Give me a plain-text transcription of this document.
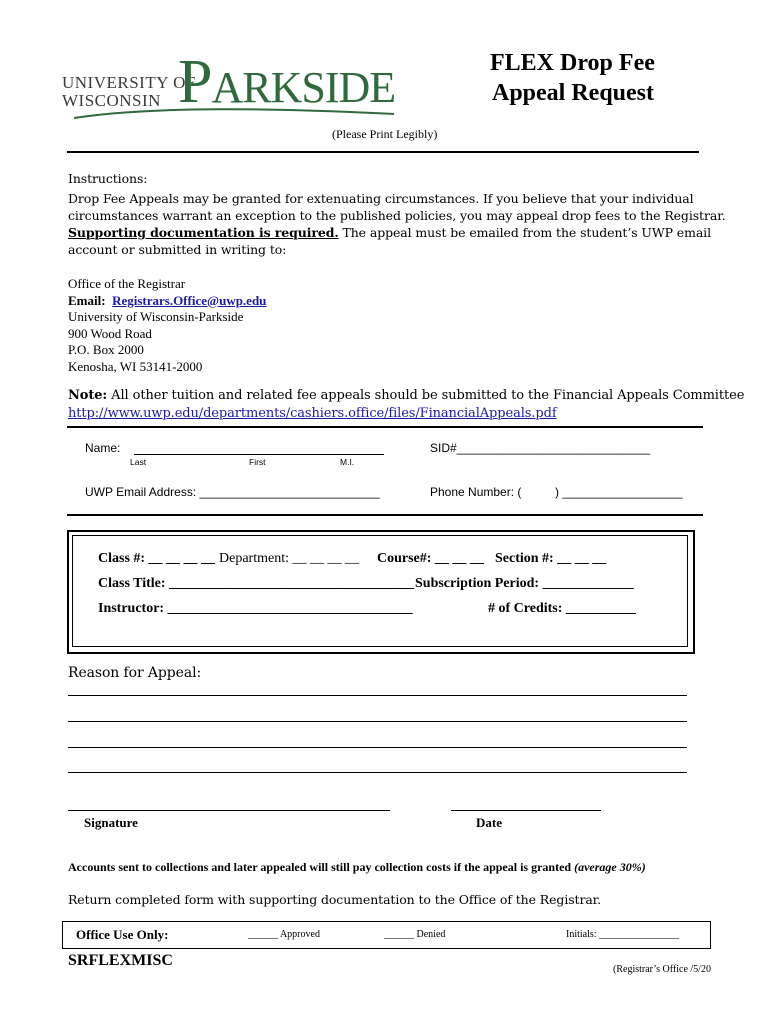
UNIVERSITY OF
WISCONSIN PARKSIDE	FLEX Drop Fee
Appeal Request
(Please Print Legibly)
Instructions:
Drop Fee Appeals may be granted for extenuating circumstances. If you believe that your individual
circumstances warrant an exception to the published policies, you may appeal drop fees to the Registrar.
Supporting documentation is required. The appeal must be emailed from the student’s UWP email
account or submitted in writing to:
Office of the Registrar
Email: Registrars.Office@uwp.edu
University of Wisconsin-Parkside
900 Wood Road
P.O. Box 2000
Kenosha, WI 53141-2000
Note: All other tuition and related fee appeals should be submitted to the Financial Appeals Committee
http://www.uwp.edu/departments/cashiers.office/files/FinancialAppeals.pdf
Name:
Last	First	M.I.
SID#_____________________________
UWP Email Address: ___________________________	Phone Number: (	) __________________
Class #: __ __ __ __ Department: __ __ __ __ Course#: __ __ __ Section #: __ __ __
Class Title: ___________________________________ Subscription Period: _____________
Instructor: ___________________________________	# of Credits: __________
Reason for Appeal:
Signature	Date
Accounts sent to collections and later appealed will still pay collection costs if the appeal is granted (average 30%)
Return completed form with supporting documentation to the Office of the Registrar.
Office Use Only:	______ Approved	______ Denied	Initials: ________________
SRFLEXMISC
(Registrar’s Office /5/20
